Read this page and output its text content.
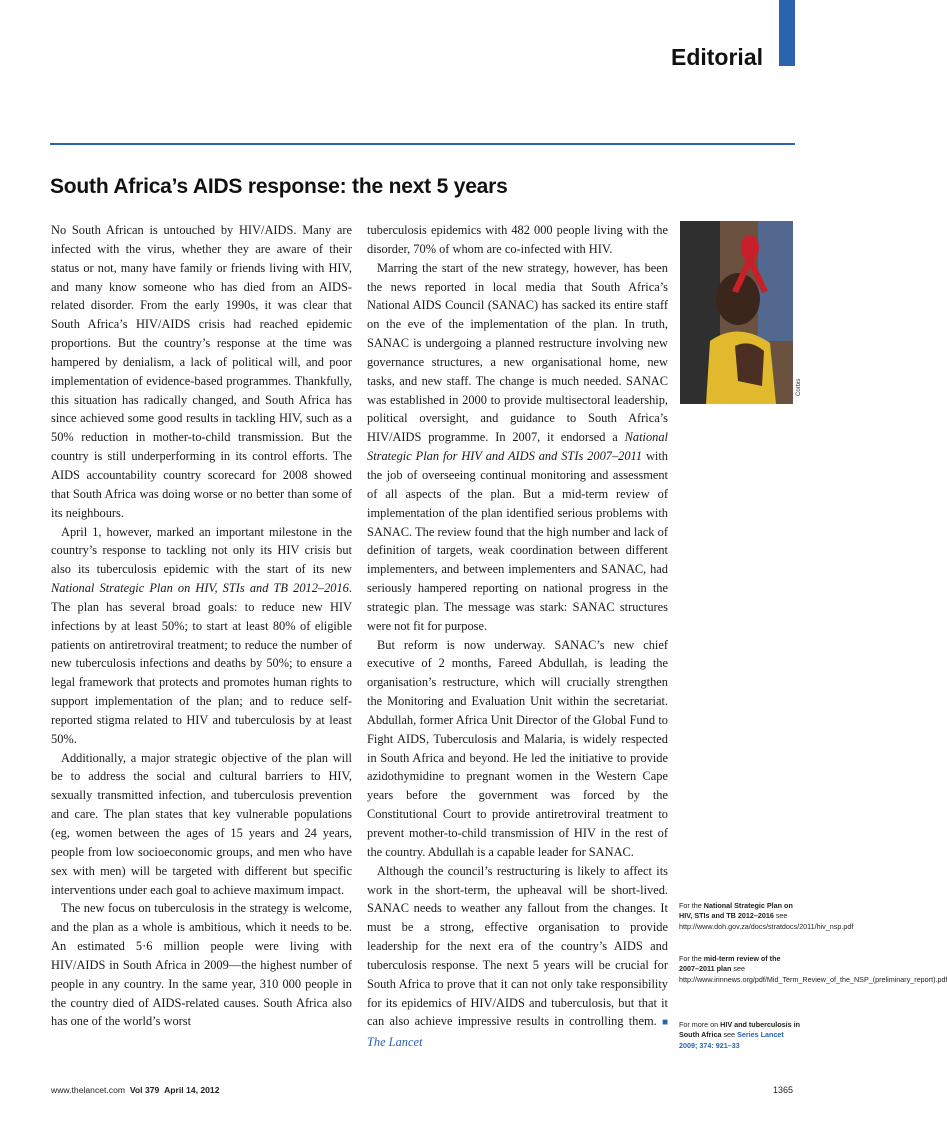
Editorial
South Africa’s AIDS response: the next 5 years

No South African is untouched by HIV/AIDS. Many are infected with the virus, whether they are aware of their status or not, many have family or friends living with HIV, and many know someone who has died from an AIDS-related disorder. From the early 1990s, it was clear that South Africa’s HIV/AIDS crisis had reached epidemic proportions. But the country’s response at the time was hampered by denialism, a lack of political will, and poor implementation of evidence-based programmes. Thankfully, this situation has radically changed, and South Africa has since achieved some good results in tackling HIV, such as a 50% reduction in mother-to-child transmission. But the country is still underperforming in its control efforts. The AIDS accountability country scorecard for 2008 showed that South Africa was doing worse or no better than some of its neighbours.

April 1, however, marked an important milestone in the country’s response to tackling not only its HIV crisis but also its tuberculosis epidemic with the start of its new National Strategic Plan on HIV, STIs and TB 2012–2016. The plan has several broad goals: to reduce new HIV infections by at least 50%; to start at least 80% of eligible patients on antiretroviral treatment; to reduce the number of new tuberculosis infections and deaths by 50%; to ensure a legal framework that protects and promotes human rights to support implementation of the plan; and to reduce self-reported stigma related to HIV and tuberculosis by at least 50%.

Additionally, a major strategic objective of the plan will be to address the social and cultural barriers to HIV, sexually transmitted infection, and tuberculosis prevention and care. The plan states that key vulnerable populations (eg, women between the ages of 15 years and 24 years, people from low socioeconomic groups, and men who have sex with men) will be targeted with different but specific interventions under each goal to achieve maximum impact.

The new focus on tuberculosis in the strategy is welcome, and the plan as a whole is ambitious, which it needs to be. An estimated 5·6 million people were living with HIV/AIDS in South Africa in 2009—the highest number of people in any country. In the same year, 310 000 people in the country died of AIDS-related causes. South Africa also has one of the world’s worst

tuberculosis epidemics with 482 000 people living with the disorder, 70% of whom are co-infected with HIV.

Marring the start of the new strategy, however, has been the news reported in local media that South Africa’s National AIDS Council (SANAC) has sacked its entire staff on the eve of the implementation of the plan. In truth, SANAC is undergoing a planned restructure involving new governance structures, a new organisational home, new tasks, and new staff. The change is much needed. SANAC was established in 2000 to provide multisectoral leadership, political oversight, and guidance to South Africa’s HIV/AIDS programme. In 2007, it endorsed a National Strategic Plan for HIV and AIDS and STIs 2007–2011 with the job of overseeing continual monitoring and assessment of all aspects of the plan. But a mid-term review of implementation of the plan identified serious problems with SANAC. The review found that the high number and lack of definition of targets, weak coordination between different implementers, and between implementers and SANAC, had seriously hampered reporting on national progress in the strategic plan. The message was stark: SANAC structures were not fit for purpose.

But reform is now underway. SANAC’s new chief executive of 2 months, Fareed Abdullah, is leading the organisation’s restructure, which will crucially strengthen the Monitoring and Evaluation Unit within the secretariat. Abdullah, former Africa Unit Director of the Global Fund to Fight AIDS, Tuberculosis and Malaria, is widely respected in South Africa and beyond. He led the initiative to provide azidothymidine to pregnant women in the Western Cape years before the government was forced by the Constitutional Court to provide antiretroviral treatment to prevent mother-to-child transmission of HIV in the rest of the country. Abdullah is a capable leader for SANAC.

Although the council’s restructuring is likely to affect its work in the short-term, the upheaval will be short-lived. SANAC needs to weather any fallout from the changes. It must be a strong, effective organisation to provide leadership for the next era of the country’s AIDS and tuberculosis response. The next 5 years will be crucial for South Africa to prove that it can not only take responsibility for its epidemics of HIV/AIDS and tuberculosis, but that it can also achieve impressive results in controlling them. ■ The Lancet

Corbis

For the National Strategic Plan on HIV, STIs and TB 2012–2016 see http://www.doh.gov.za/docs/stratdocs/2011/hiv_nsp.pdf

For the mid-term review of the 2007–2011 plan see http://www.irinnews.org/pdf/Mid_Term_Review_of_the_NSP_(preliminary_report).pdf

For more on HIV and tuberculosis in South Africa see Series Lancet 2009; 374: 921–33

www.thelancet.com Vol 379 April 14, 2012	1365
